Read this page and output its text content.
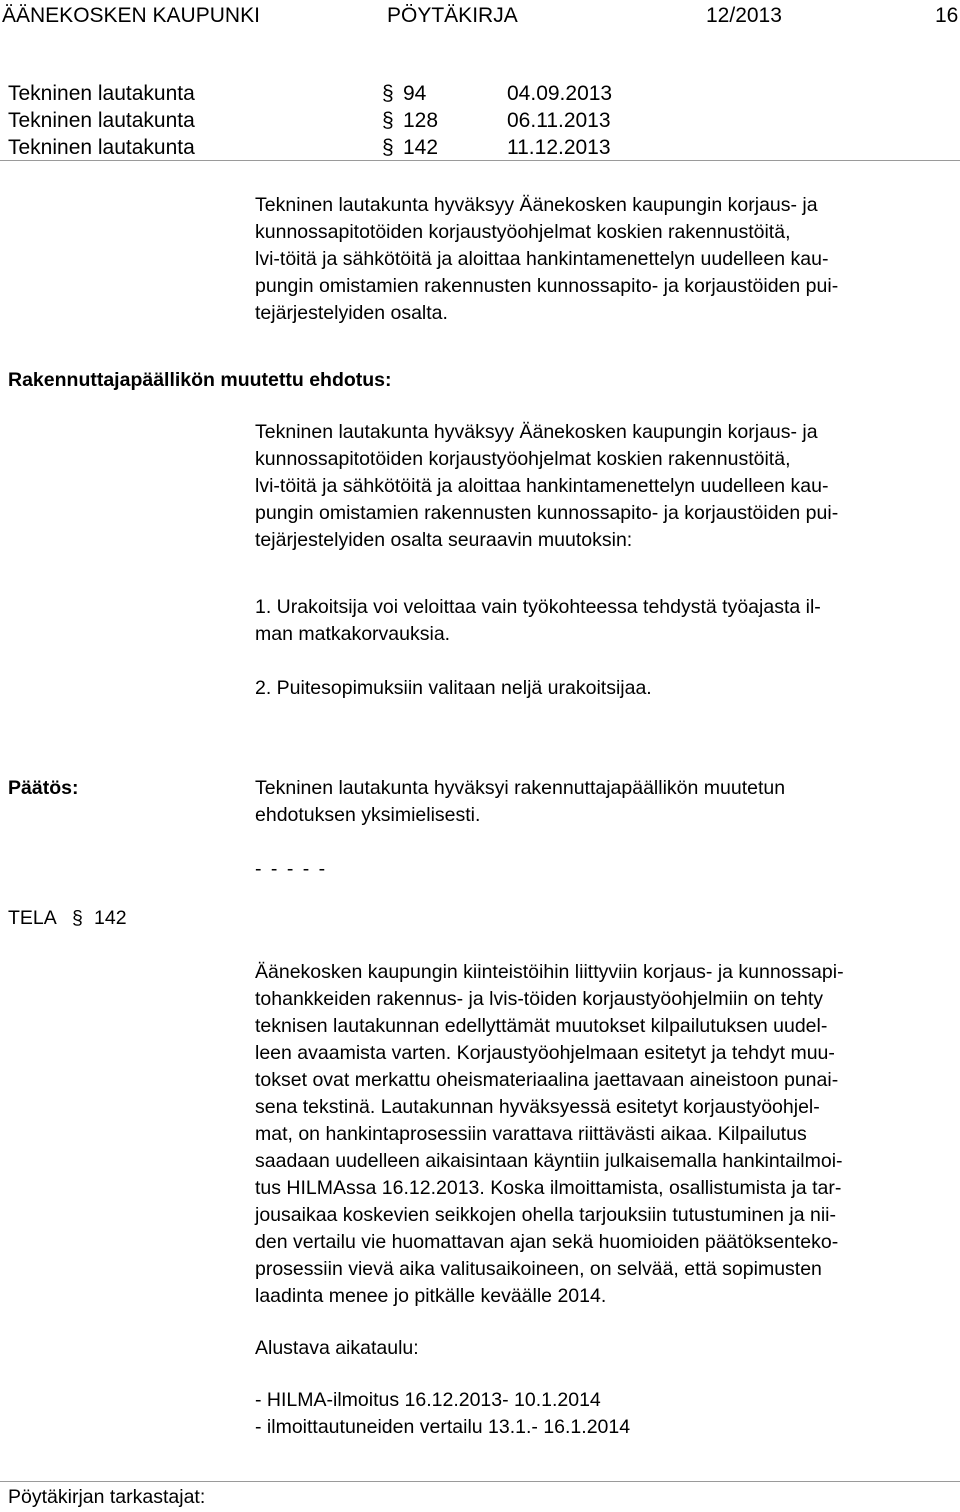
ÄÄNEKOSKEN KAUPUNKI	PÖYTÄKIRJA	12/2013	16
Tekninen lautakunta	§ 94	04.09.2013
Tekninen lautakunta	§ 128	06.11.2013
Tekninen lautakunta	§ 142	11.12.2013
Tekninen lautakunta hyväksyy Äänekosken kaupungin korjaus- ja
kunnossapitotöiden korjaustyöohjelmat koskien rakennustöitä,
lvi-töitä ja sähkötöitä ja aloittaa hankintamenettelyn uudelleen kau-
pungin omistamien rakennusten kunnossapito- ja korjaustöiden pui-
tejärjestelyiden osalta.
Rakennuttajapäällikön muutettu ehdotus:
Tekninen lautakunta hyväksyy Äänekosken kaupungin korjaus- ja
kunnossapitotöiden korjaustyöohjelmat koskien rakennustöitä,
lvi-töitä ja sähkötöitä ja aloittaa hankintamenettelyn uudelleen kau-
pungin omistamien rakennusten kunnossapito- ja korjaustöiden pui-
tejärjestelyiden osalta seuraavin muutoksin:
1. Urakoitsija voi veloittaa vain työkohteessa tehdystä työajasta il-
man matkakorvauksia.
2. Puitesopimuksiin valitaan neljä urakoitsijaa.
Päätös:	Tekninen lautakunta hyväksyi rakennuttajapäällikön muutetun
ehdotuksen yksimielisesti.
- - - - -
TELA § 142
Äänekosken kaupungin kiinteistöihin liittyviin korjaus- ja kunnossapi-
tohankkeiden rakennus- ja lvis-töiden korjaustyöohjelmiin on tehty
teknisen lautakunnan edellyttämät muutokset kilpailutuksen uudel-
leen avaamista varten. Korjaustyöohjelmaan esitetyt ja tehdyt muu-
tokset ovat merkattu oheismateriaalina jaettavaan aineistoon punai-
sena tekstinä. Lautakunnan hyväksyessä esitetyt korjaustyöohjel-
mat, on hankintaprosessiin varattava riittävästi aikaa. Kilpailutus
saadaan uudelleen aikaisintaan käyntiin julkaisemalla hankintailmoi-
tus HILMAssa 16.12.2013. Koska ilmoittamista, osallistumista ja tar-
jousaikaa koskevien seikkojen ohella tarjouksiin tutustuminen ja nii-
den vertailu vie huomattavan ajan sekä huomioiden päätöksenteko-
prosessiin vievä aika valitusaikoineen, on selvää, että sopimusten
laadinta menee jo pitkälle keväälle 2014.
Alustava aikataulu:
- HILMA-ilmoitus 16.12.2013- 10.1.2014
- ilmoittautuneiden vertailu 13.1.- 16.1.2014
Pöytäkirjan tarkastajat:
